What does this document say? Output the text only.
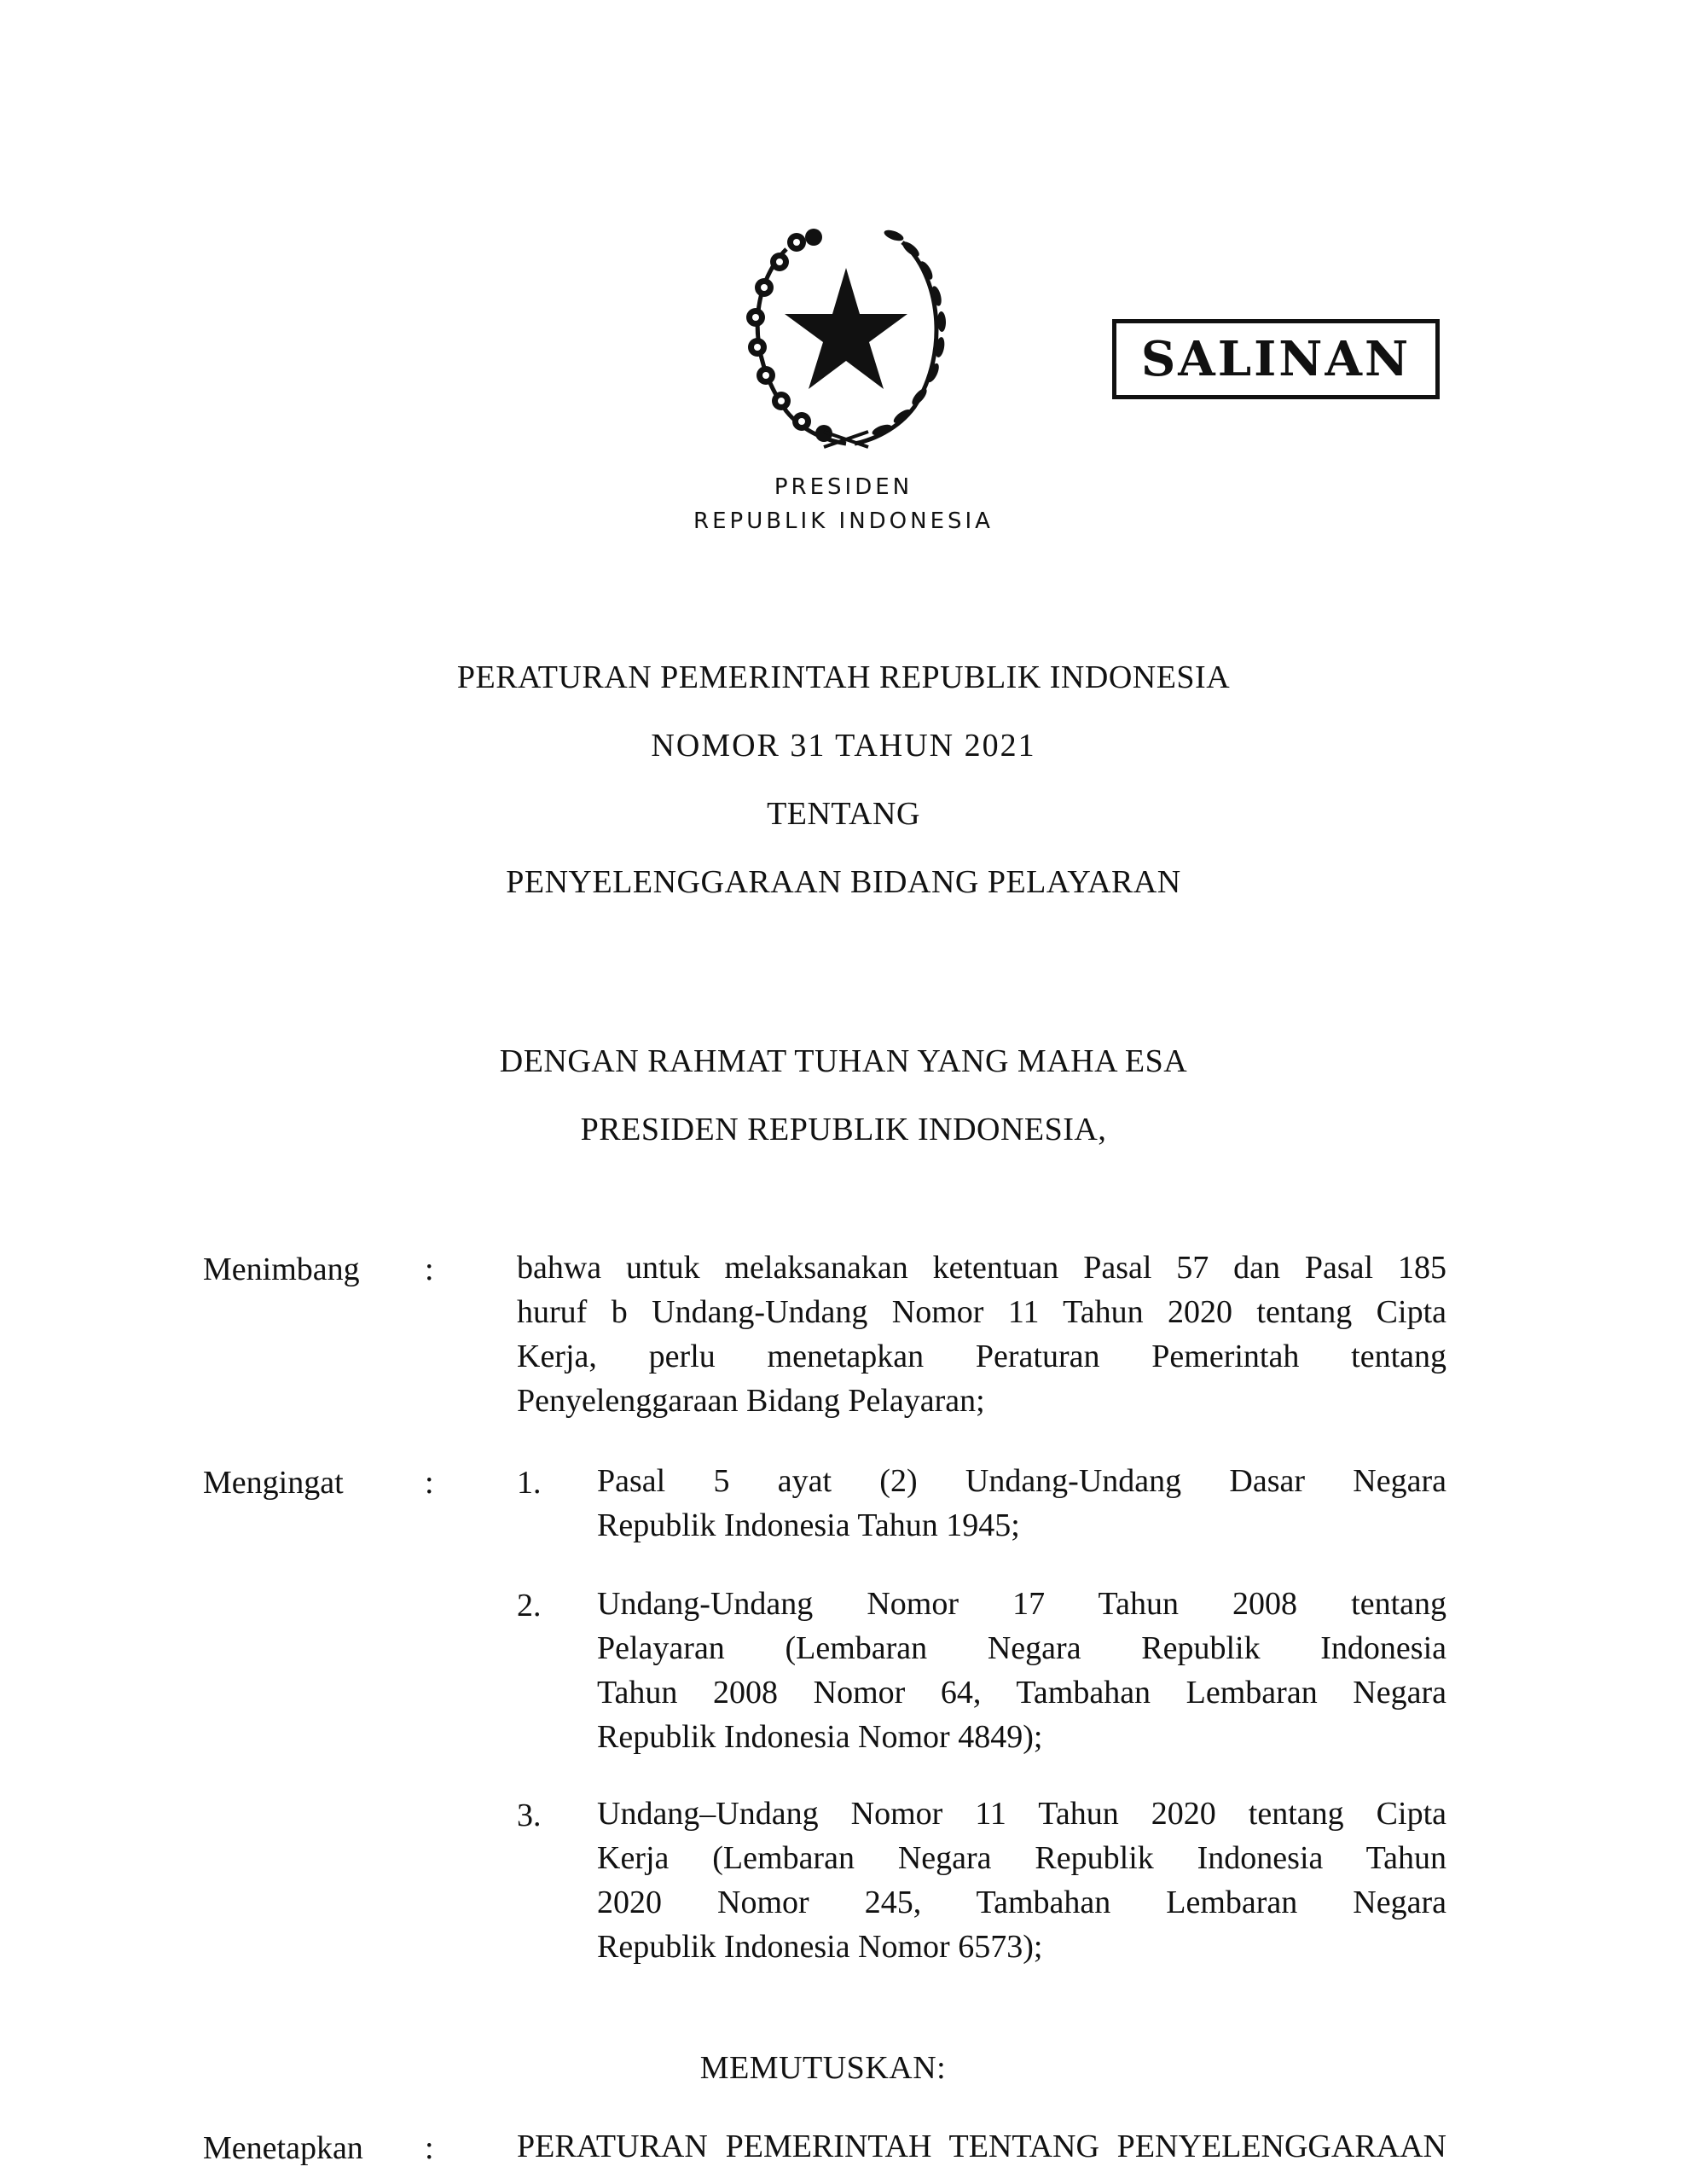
SALINAN
PRESIDEN
REPUBLIK INDONESIA
PERATURAN PEMERINTAH REPUBLIK INDONESIA
NOMOR 31 TAHUN 2021
TENTANG
PENYELENGGARAAN BIDANG PELAYARAN
DENGAN RAHMAT TUHAN YANG MAHA ESA
PRESIDEN REPUBLIK INDONESIA,
Menimbang :	bahwa untuk melaksanakan ketentuan Pasal 57 dan Pasal 185
huruf b Undang-Undang Nomor 11 Tahun 2020 tentang Cipta
Kerja, perlu menetapkan Peraturan Pemerintah tentang
Penyelenggaraan Bidang Pelayaran;
Mengingat	:	1. Pasal 5 ayat (2) Undang-Undang Dasar Negara
Republik Indonesia Tahun 1945;
2. Undang-Undang Nomor 17 Tahun 2008 tentang
Pelayaran (Lembaran Negara Republik Indonesia
Tahun 2008 Nomor 64, Tambahan Lembaran Negara
Republik Indonesia Nomor 4849);
3. Undang–Undang Nomor 11 Tahun 2020 tentang Cipta
Kerja (Lembaran Negara Republik Indonesia Tahun
2020 Nomor 245, Tambahan Lembaran Negara
Republik Indonesia Nomor 6573);
MEMUTUSKAN:
Menetapkan :	PERATURAN PEMERINTAH TENTANG PENYELENGGARAAN
